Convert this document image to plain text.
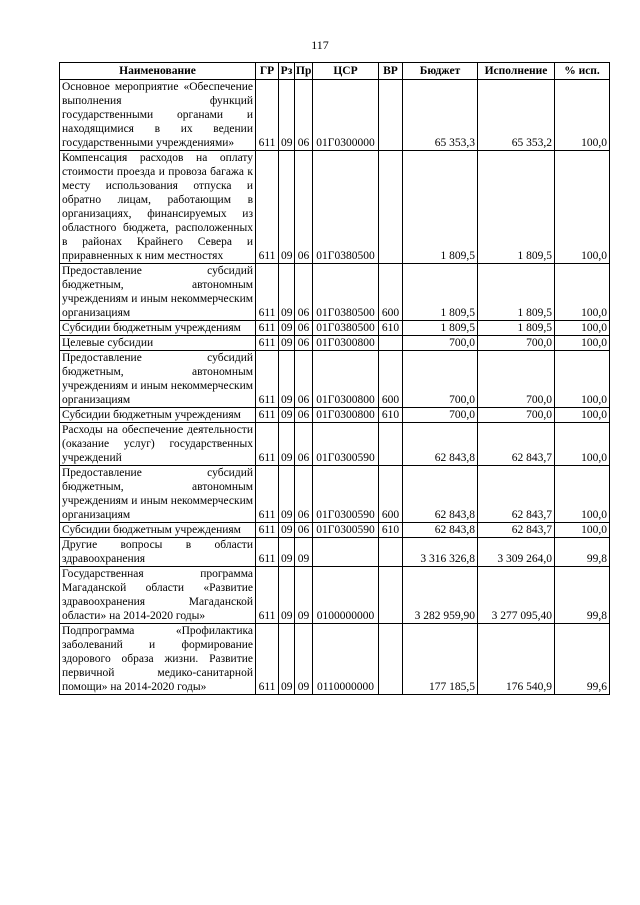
117
Наименование	ГР	Рз	Пр	ЦСР	ВР	Бюджет	Исполнение	% исп.
Основное мероприятие «Обеспечение выполнения функций государственными органами и находящимися в их ведении государственными учреждениями»	611	09	06	01Г0300000		65 353,3	65 353,2	100,0
Компенсация расходов на оплату стоимости проезда и провоза багажа к месту использования отпуска и обратно лицам, работающим в организациях, финансируемых из областного бюджета, расположенных в районах Крайнего Севера и приравненных к ним местностях	611	09	06	01Г0380500		1 809,5	1 809,5	100,0
Предоставление субсидий бюджетным, автономным учреждениям и иным некоммерческим организациям	611	09	06	01Г0380500	600	1 809,5	1 809,5	100,0
Субсидии бюджетным учреждениям	611	09	06	01Г0380500	610	1 809,5	1 809,5	100,0
Целевые субсидии	611	09	06	01Г0300800		700,0	700,0	100,0
Предоставление субсидий бюджетным, автономным учреждениям и иным некоммерческим организациям	611	09	06	01Г0300800	600	700,0	700,0	100,0
Субсидии бюджетным учреждениям	611	09	06	01Г0300800	610	700,0	700,0	100,0
Расходы на обеспечение деятельности (оказание услуг) государственных учреждений	611	09	06	01Г0300590		62 843,8	62 843,7	100,0
Предоставление субсидий бюджетным, автономным учреждениям и иным некоммерческим организациям	611	09	06	01Г0300590	600	62 843,8	62 843,7	100,0
Субсидии бюджетным учреждениям	611	09	06	01Г0300590	610	62 843,8	62 843,7	100,0
Другие вопросы в области здравоохранения	611	09	09			3 316 326,8	3 309 264,0	99,8
Государственная программа Магаданской области «Развитие здравоохранения Магаданской области» на 2014-2020 годы»	611	09	09	0100000000		3 282 959,90	3 277 095,40	99,8
Подпрограмма «Профилактика заболеваний и формирование здорового образа жизни. Развитие первичной медико-санитарной помощи» на 2014-2020 годы»	611	09	09	0110000000		177 185,5	176 540,9	99,6
